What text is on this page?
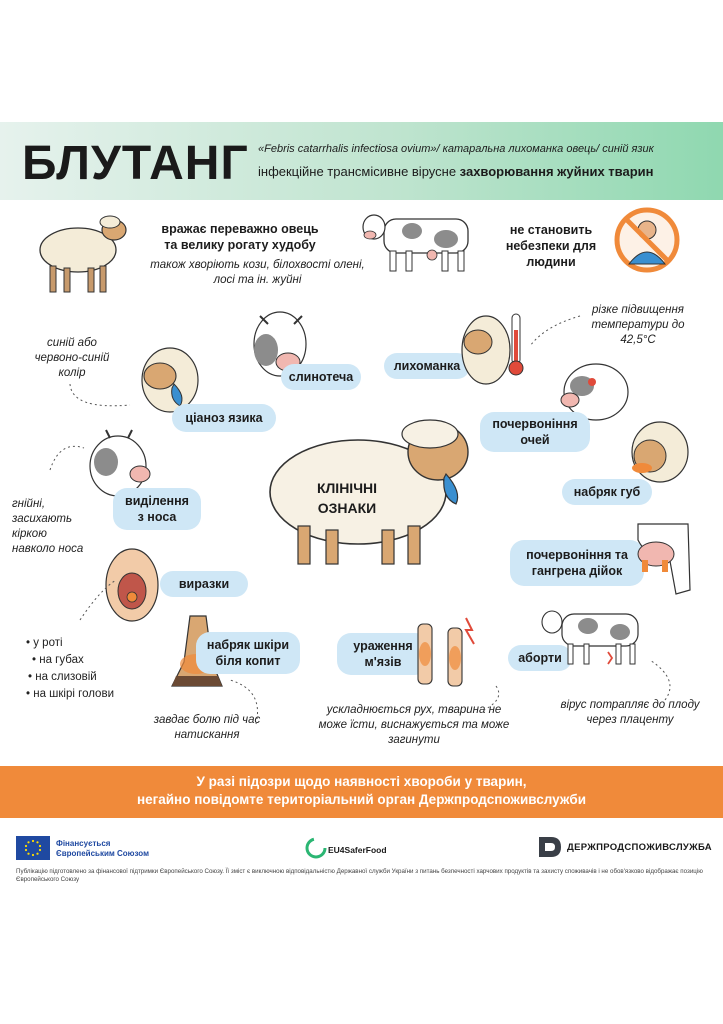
БЛУТАНГ «Febris catarrhalis infectiosa ovium»/ катаральна лихоманка овець/ синій язик
інфекційне трансмісивне вірусне захворювання жуйних тварин
вражає переважно овець та велику рогату худобу
також хворіють кози, білохвості олені, лосі та ін. жуйні
не становить небезпеки для людини
синій або червоно-синій колір
ціаноз язика
слинотеча
лихоманка
різке підвищення температури до 42,5°C
почервоніння очей
виділення з носа
гнійні, засихають кіркою навколо носа
КЛІНІЧНІ ОЗНАКИ
набряк губ
виразки
• у роті
• на губах
• на слизовій
• на шкірі голови
почервоніння та гангрена дійок
набряк шкіри біля копит
завдає болю під час натискання
ураження м'язів
ускладнюється рух, тварина не може їсти, виснажується та може загинути
аборти
вірус потрапляє до плоду через плаценту
У разі підозри щодо наявності хвороби у тварин,
негайно повідомте територіальний орган Держпродспоживслужби
Фінансується
Європейським Союзом	EU4SaferFood	ДЕРЖПРОДСПОЖИВСЛУЖБА
Публікацію підготовлено за фінансової підтримки Європейського Союзу. Її зміст є виключною відповідальністю Державної служби України з питань безпечності харчових продуктів та захисту споживачів і не обов'язково відображає позицію Європейського Союзу
